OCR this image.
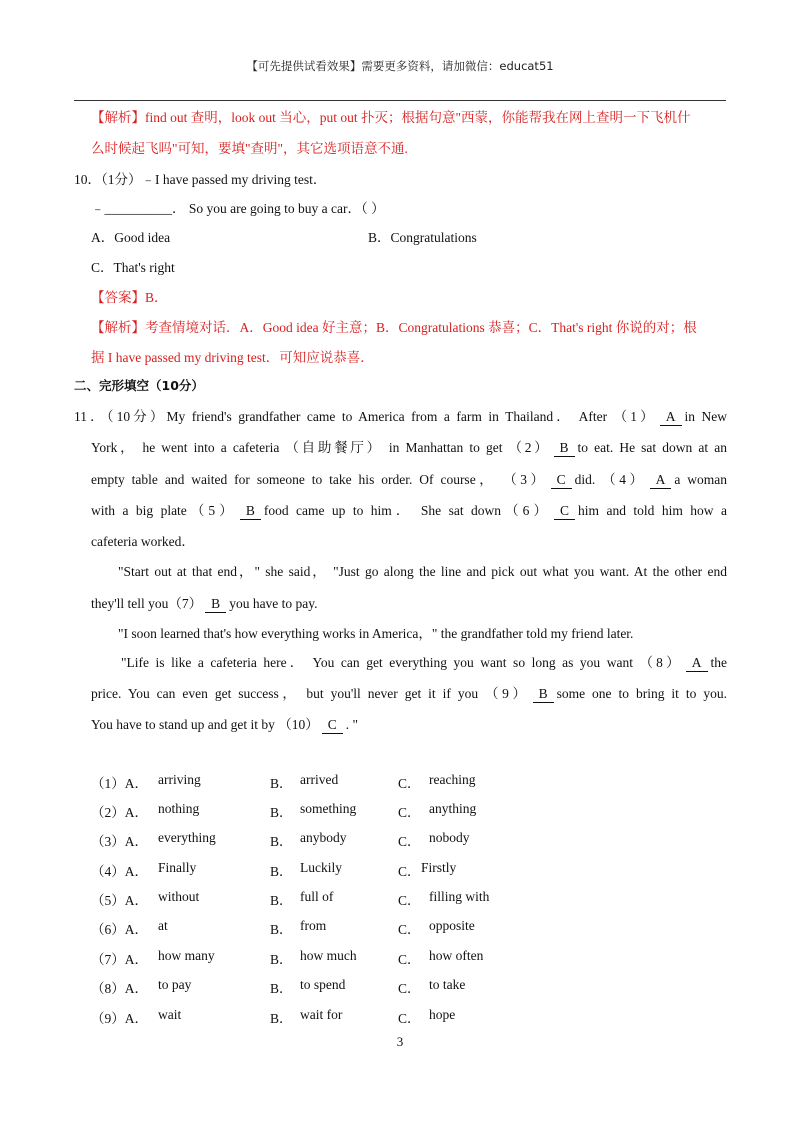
【可先提供试看效果】需要更多资料，请加微信：educat51
【解析】find out 查明，look out 当心，put out 扑灭；根据句意"西蒙，你能帮我在网上查明一下飞机什
么时候起飞吗"可知，要填"查明"，其它选项语意不通.
10．（1分）﹣I have passed my driving test．
﹣__________． So you are going to buy a car．（ ）
A．Good idea	B．Congratulations
C．That's right
【答案】B．
【解析】考查情境对话．A．Good idea 好主意；B．Congratulations 恭喜；C．That's right 你说的对；根
据 I have passed my driving test．可知应说恭喜．
二、完形填空（10分）
11．（10分）My friend's grandfather came to America from a farm in Thailand． After （1） A in New
York， he went into a cafeteria （自助餐厅） in Manhattan to get （2） B to eat. He sat down at an
empty table and waited for someone to take his order. Of course， （3） C did. （4） A a woman
with a big plate（5） B food came up to him． She sat down（6） C him and told him how a
cafeteria worked．
"Start out at that end，" she said， "Just go along the line and pick out what you want. At the other end
they'll tell you（7） B you have to pay.
"I soon learned that's how everything works in America，" the grandfather told my friend later.
"Life is like a cafeteria here． You can get everything you want so long as you want （8） A the
price. You can even get success， but you'll never get it if you （9） B some one to bring it to you.
You have to stand up and get it by （10） C . "
（1）A． arriving	B． arrived	C． reaching
（2）A． nothing	B． something	C． anything
（3）A． everything	B． anybody	C． nobody
（4）A． Finally	B． Luckily	C． Firstly
（5）A． without	B． full of	C． filling with
（6）A． at	B． from	C． opposite
（7）A． how many	B． how much	C． how often
（8）A． to pay	B． to spend	C． to take
（9）A． wait	B． wait for	C． hope
3
